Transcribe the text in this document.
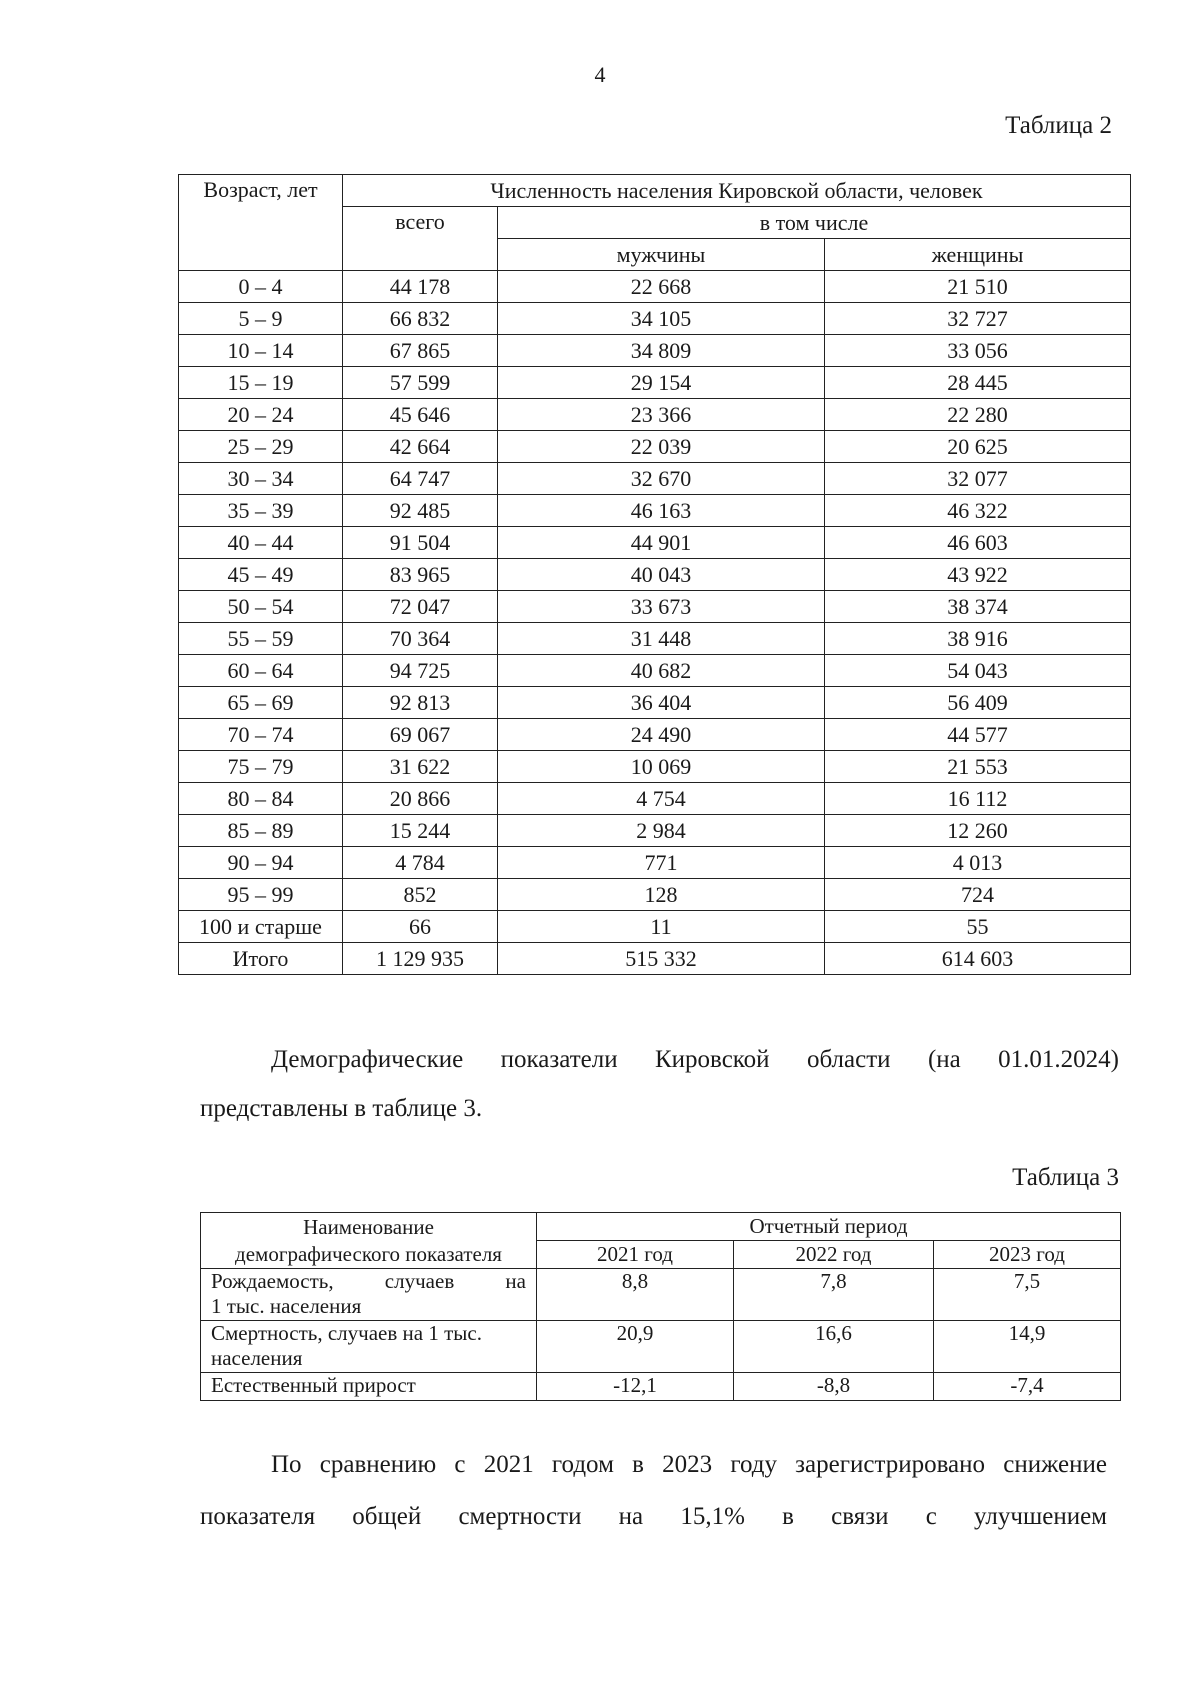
4
Таблица 2
Возраст, лет	Численность населения Кировской области, человек		
	всего	в том числе	
		мужчины	женщины
0 – 4	44 178	22 668	21 510
5 – 9	66 832	34 105	32 727
10 – 14	67 865	34 809	33 056
15 – 19	57 599	29 154	28 445
20 – 24	45 646	23 366	22 280
25 – 29	42 664	22 039	20 625
30 – 34	64 747	32 670	32 077
35 – 39	92 485	46 163	46 322
40 – 44	91 504	44 901	46 603
45 – 49	83 965	40 043	43 922
50 – 54	72 047	33 673	38 374
55 – 59	70 364	31 448	38 916
60 – 64	94 725	40 682	54 043
65 – 69	92 813	36 404	56 409
70 – 74	69 067	24 490	44 577
75 – 79	31 622	10 069	21 553
80 – 84	20 866	4 754	16 112
85 – 89	15 244	2 984	12 260
90 – 94	4 784	771	4 013
95 – 99	852	128	724
100 и старше	66	11	55
Итого	1 129 935	515 332	614 603
Демографические показатели Кировской области (на 01.01.2024)
представлены в таблице 3.
Таблица 3
Наименование
демографического показателя	Отчетный период		
	2021 год	2022 год	2023 год

Рождаемость, случаев на
1 тыс. населения	8,8	7,8	7,5

Смертность, случаев на 1 тыс.
населения	20,9	16,6	14,9

Естественный прирост	-12,1	-8,8	-7,4
По сравнению с 2021 годом в 2023 году зарегистрировано снижение
показателя общей смертности на 15,1% в связи с улучшением
